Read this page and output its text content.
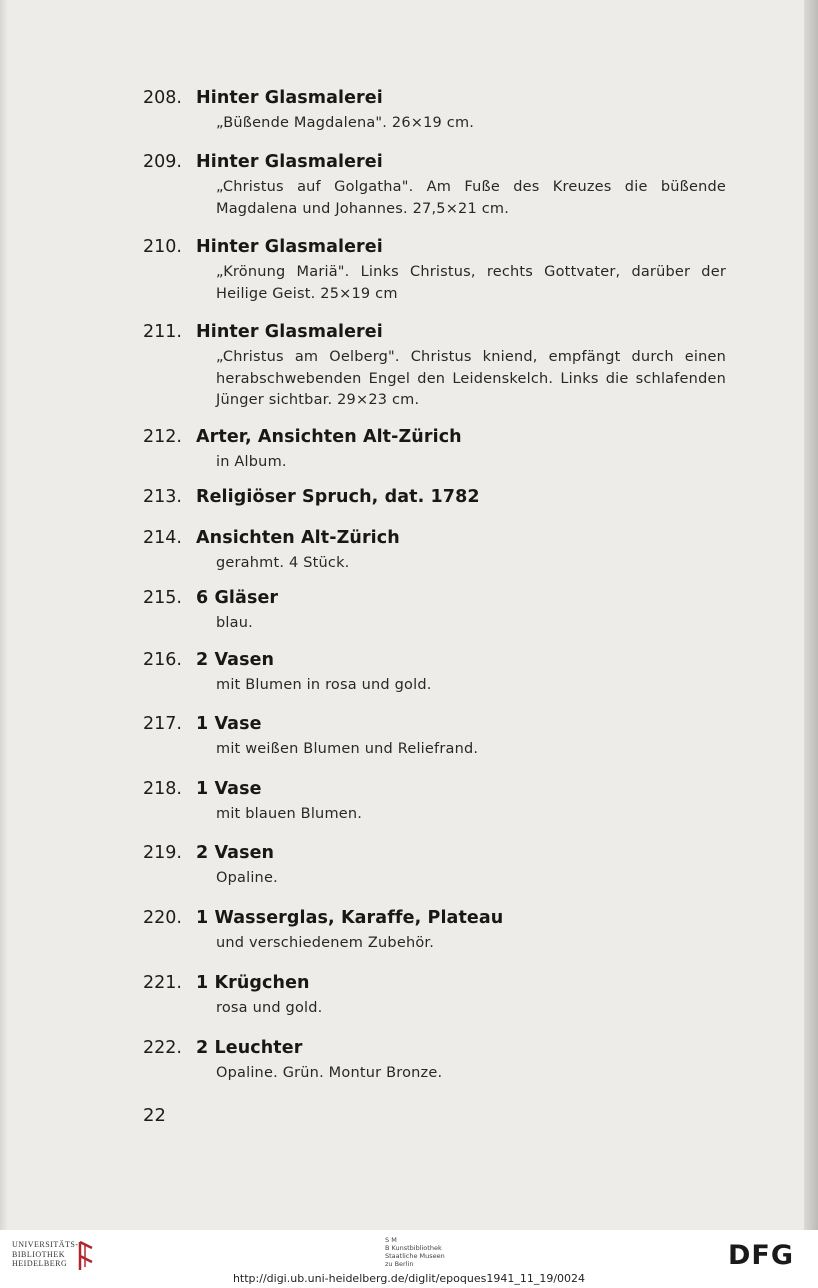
208. Hinter Glasmalerei
„Büßende Magdalena". 26×19 cm.
209. Hinter Glasmalerei
„Christus auf Golgatha". Am Fuße des Kreuzes die büßende Magdalena und Johannes. 27,5×21 cm.
210. Hinter Glasmalerei
„Krönung Mariä". Links Christus, rechts Gottvater, darüber der Heilige Geist. 25×19 cm
211. Hinter Glasmalerei
„Christus am Oelberg". Christus kniend, empfängt durch einen herabschwebenden Engel den Leidenskelch. Links die schlafenden Jünger sichtbar. 29×23 cm.
212. Arter, Ansichten Alt-Zürich
in Album.
213. Religiöser Spruch, dat. 1782
214. Ansichten Alt-Zürich
gerahmt. 4 Stück.
215. 6 Gläser
blau.
216. 2 Vasen
mit Blumen in rosa und gold.
217. 1 Vase
mit weißen Blumen und Reliefrand.
218. 1 Vase
mit blauen Blumen.
219. 2 Vasen
Opaline.
220. 1 Wasserglas, Karaffe, Plateau
und verschiedenem Zubehör.
221. 1 Krügchen
rosa und gold.
222. 2 Leuchter
Opaline. Grün. Montur Bronze.
22
UNIVERSITÄTS-
BIBLIOTHEK
HEIDELBERG
S M
B Kunstbibliothek
Staatliche Museen
zu Berlin	DFG
http://digi.ub.uni-heidelberg.de/diglit/epoques1941_11_19/0024
